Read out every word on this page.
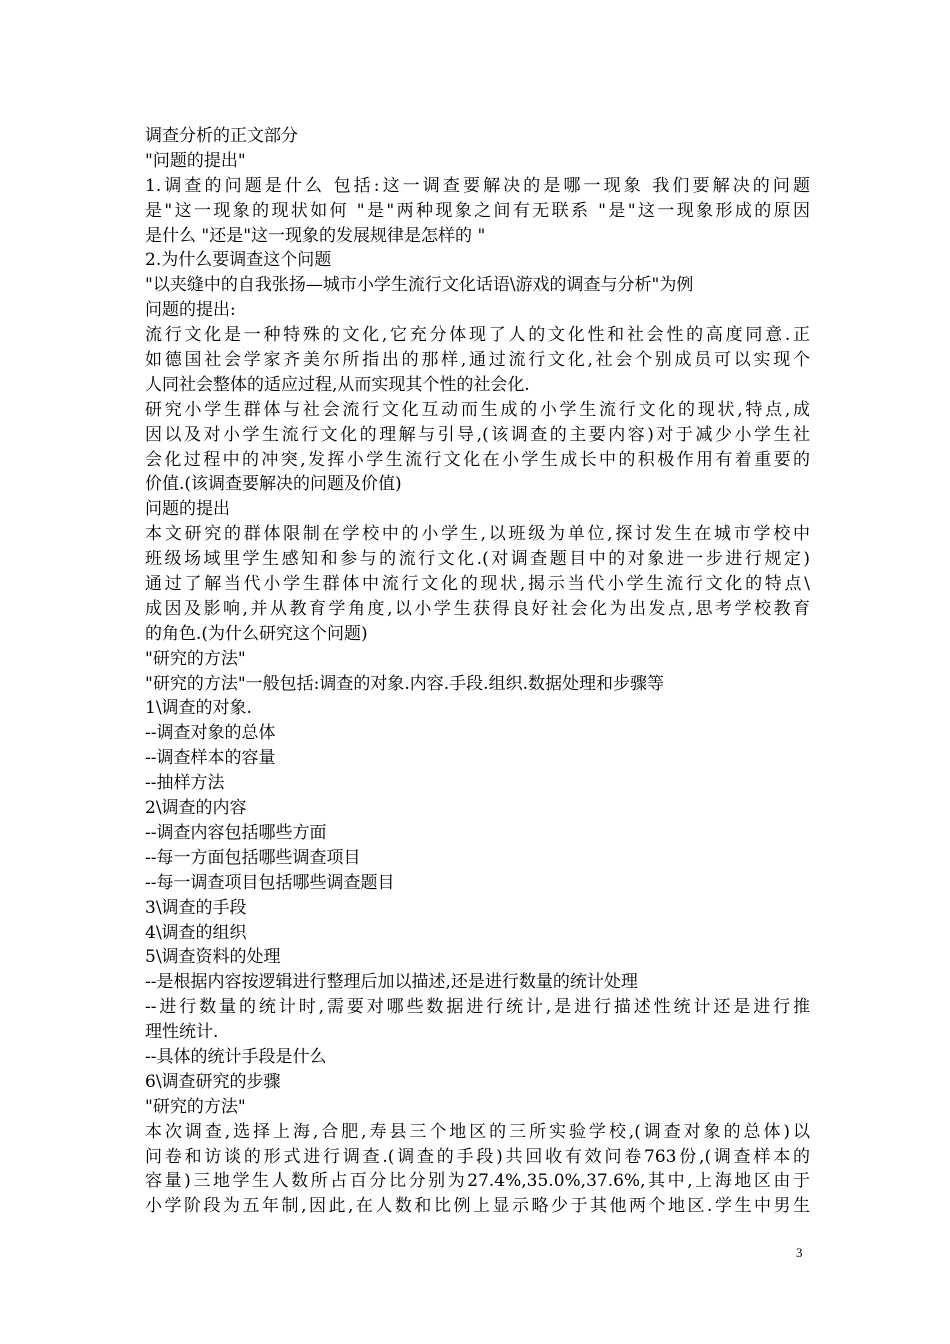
调查分析的正文部分
"问题的提出"
1.调查的问题是什么 包括:这一调查要解决的是哪一现象 我们要解决的问题
是"这一现象的现状如何 "是"两种现象之间有无联系 "是"这一现象形成的原因
是什么 "还是"这一现象的发展规律是怎样的 "
2.为什么要调查这个问题
"以夹缝中的自我张扬—城市小学生流行文化话语\游戏的调查与分析"为例
问题的提出:
流行文化是一种特殊的文化,它充分体现了人的文化性和社会性的高度同意.正
如德国社会学家齐美尔所指出的那样,通过流行文化,社会个别成员可以实现个
人同社会整体的适应过程,从而实现其个性的社会化.
研究小学生群体与社会流行文化互动而生成的小学生流行文化的现状,特点,成
因以及对小学生流行文化的理解与引导,(该调查的主要内容)对于减少小学生社
会化过程中的冲突,发挥小学生流行文化在小学生成长中的积极作用有着重要的
价值.(该调查要解决的问题及价值)
问题的提出
本文研究的群体限制在学校中的小学生,以班级为单位,探讨发生在城市学校中
班级场域里学生感知和参与的流行文化.(对调查题目中的对象进一步进行规定)
通过了解当代小学生群体中流行文化的现状,揭示当代小学生流行文化的特点\
成因及影响,并从教育学角度,以小学生获得良好社会化为出发点,思考学校教育
的角色.(为什么研究这个问题)
"研究的方法"
"研究的方法"一般包括:调查的对象.内容.手段.组织.数据处理和步骤等
1\调查的对象.
--调查对象的总体
--调查样本的容量
--抽样方法
2\调查的内容
--调查内容包括哪些方面
--每一方面包括哪些调查项目
--每一调查项目包括哪些调查题目
3\调查的手段
4\调查的组织
5\调查资料的处理
--是根据内容按逻辑进行整理后加以描述,还是进行数量的统计处理
--进行数量的统计时,需要对哪些数据进行统计,是进行描述性统计还是进行推
理性统计.
--具体的统计手段是什么
6\调查研究的步骤
"研究的方法"
本次调查,选择上海,合肥,寿县三个地区的三所实验学校,(调查对象的总体)以
问卷和访谈的形式进行调查.(调查的手段)共回收有效问卷763份,(调查样本的
容量)三地学生人数所占百分比分别为27.4%,35.0%,37.6%,其中,上海地区由于
小学阶段为五年制,因此,在人数和比例上显示略少于其他两个地区.学生中男生
3
